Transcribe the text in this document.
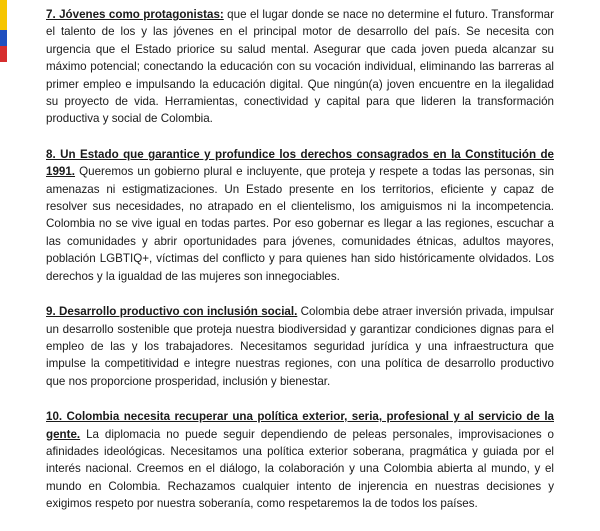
7. Jóvenes como protagonistas: que el lugar donde se nace no determine el futuro. Transformar el talento de los y las jóvenes en el principal motor de desarrollo del país. Se necesita con urgencia que el Estado priorice su salud mental. Asegurar que cada joven pueda alcanzar su máximo potencial; conectando la educación con su vocación individual, eliminando las barreras al primer empleo e impulsando la educación digital. Que ningún(a) joven encuentre en la ilegalidad su proyecto de vida. Herramientas, conectividad y capital para que lideren la transformación productiva y social de Colombia.

8. Un Estado que garantice y profundice los derechos consagrados en la Constitución de 1991. Queremos un gobierno plural e incluyente, que proteja y respete a todas las personas, sin amenazas ni estigmatizaciones. Un Estado presente en los territorios, eficiente y capaz de resolver sus necesidades, no atrapado en el clientelismo, los amiguismos ni la incompetencia. Colombia no se vive igual en todas partes. Por eso gobernar es llegar a las regiones, escuchar a las comunidades y abrir oportunidades para jóvenes, comunidades étnicas, adultos mayores, población LGBTIQ+, víctimas del conflicto y para quienes han sido históricamente olvidados. Los derechos y la igualdad de las mujeres son innegociables.

9. Desarrollo productivo con inclusión social. Colombia debe atraer inversión privada, impulsar un desarrollo sostenible que proteja nuestra biodiversidad y garantizar condiciones dignas para el empleo de las y los trabajadores. Necesitamos seguridad jurídica y una infraestructura que impulse la competitividad e integre nuestras regiones, con una política de desarrollo productivo que nos proporcione prosperidad, inclusión y bienestar.

10. Colombia necesita recuperar una política exterior, seria, profesional y al servicio de la gente. La diplomacia no puede seguir dependiendo de peleas personales, improvisaciones o afinidades ideológicas. Necesitamos una política exterior soberana, pragmática y guiada por el interés nacional. Creemos en el diálogo, la colaboración y una Colombia abierta al mundo, y el mundo en Colombia. Rechazamos cualquier intento de injerencia en nuestras decisiones y exigimos respeto por nuestra soberanía, como respetaremos la de todos los países.
